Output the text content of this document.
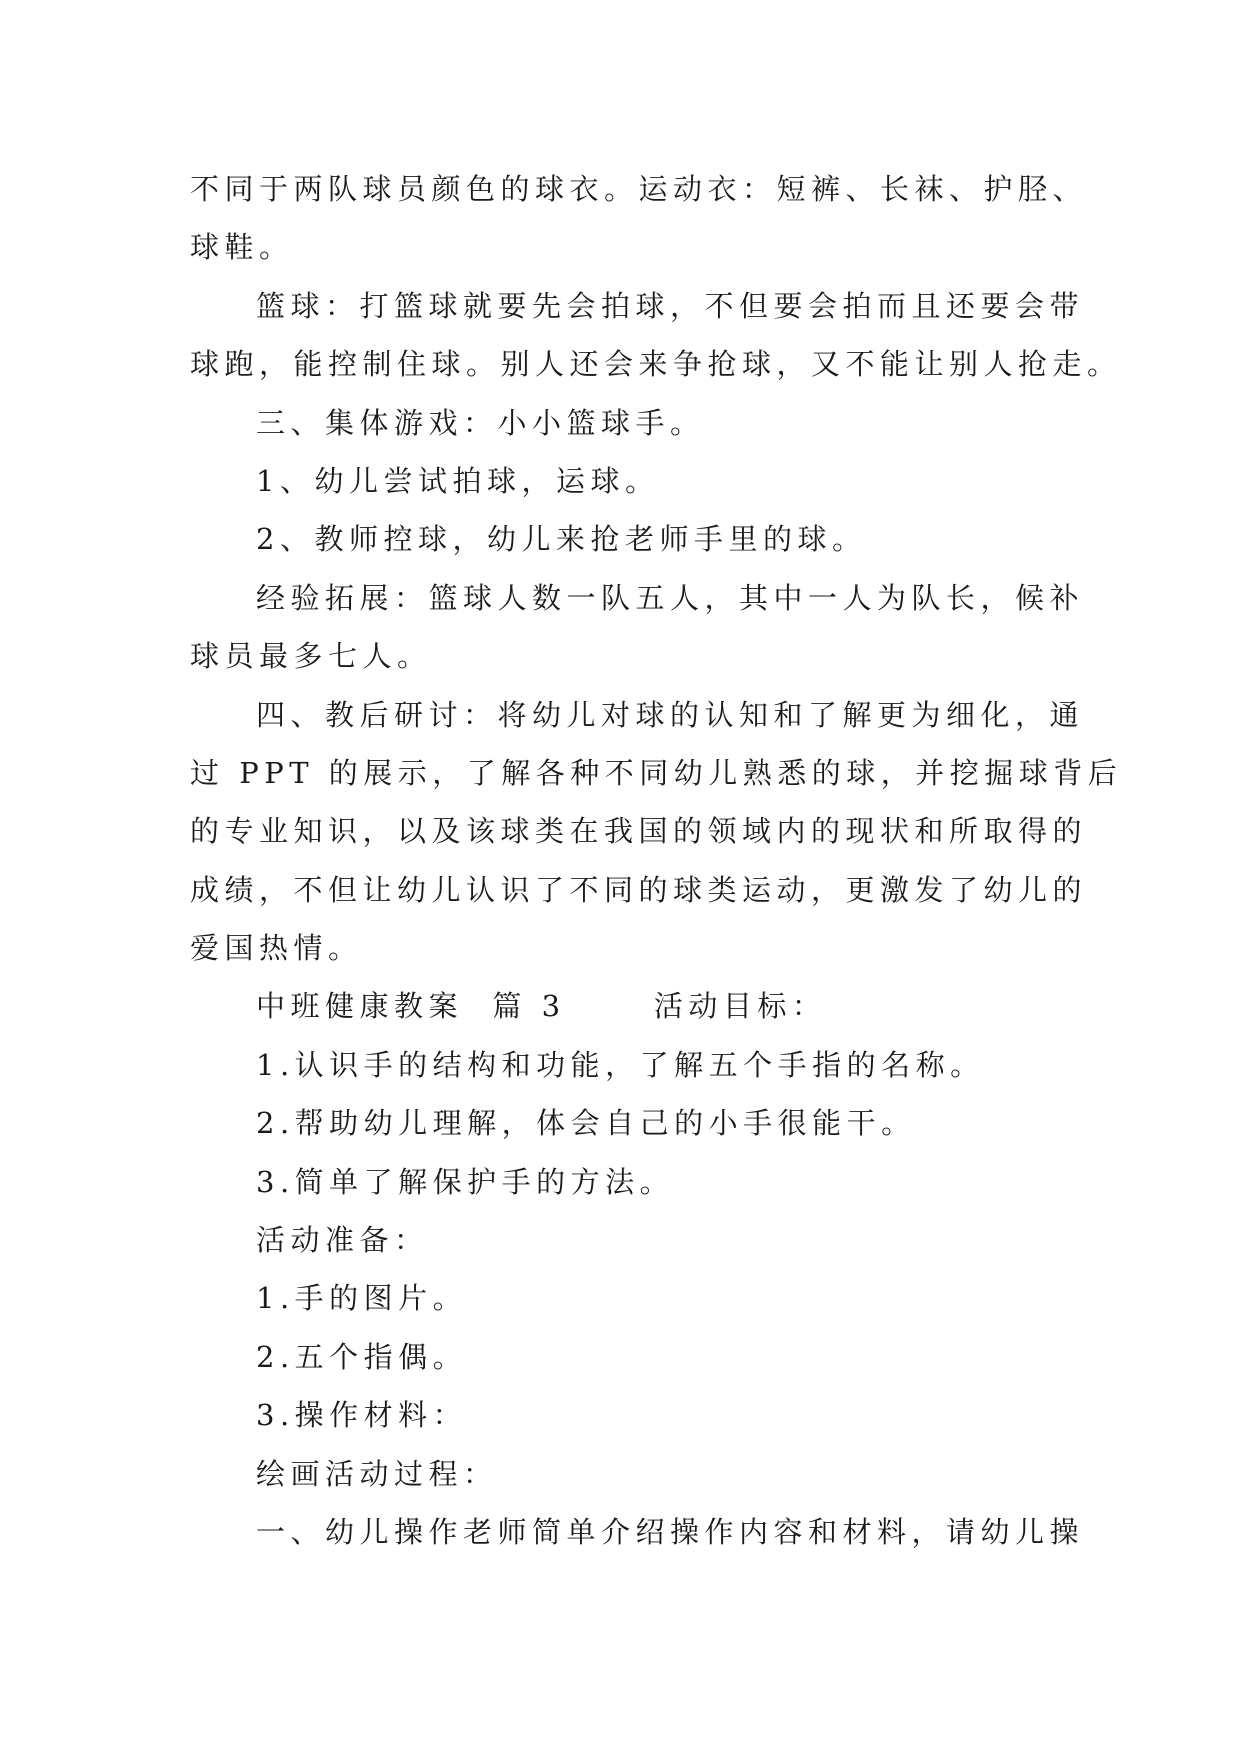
不同于两队球员颜色的球衣。运动衣：短裤、长袜、护胫、
球鞋。
篮球：打篮球就要先会拍球，不但要会拍而且还要会带
球跑，能控制住球。别人还会来争抢球，又不能让别人抢走。
三、集体游戏：小小篮球手。
1、幼儿尝试拍球，运球。
2、教师控球，幼儿来抢老师手里的球。
经验拓展：篮球人数一队五人，其中一人为队长，候补
球员最多七人。
四、教后研讨：将幼儿对球的认知和了解更为细化，通
过 PPT 的展示，了解各种不同幼儿熟悉的球，并挖掘球背后
的专业知识，以及该球类在我国的领域内的现状和所取得的
成绩，不但让幼儿认识了不同的球类运动，更激发了幼儿的
爱国热情。
中班健康教案  篇 3      活动目标：
1.认识手的结构和功能，了解五个手指的名称。
2.帮助幼儿理解，体会自己的小手很能干。
3.简单了解保护手的方法。
活动准备：
1.手的图片。
2.五个指偶。
3.操作材料：
绘画活动过程：
一、幼儿操作老师简单介绍操作内容和材料，请幼儿操
